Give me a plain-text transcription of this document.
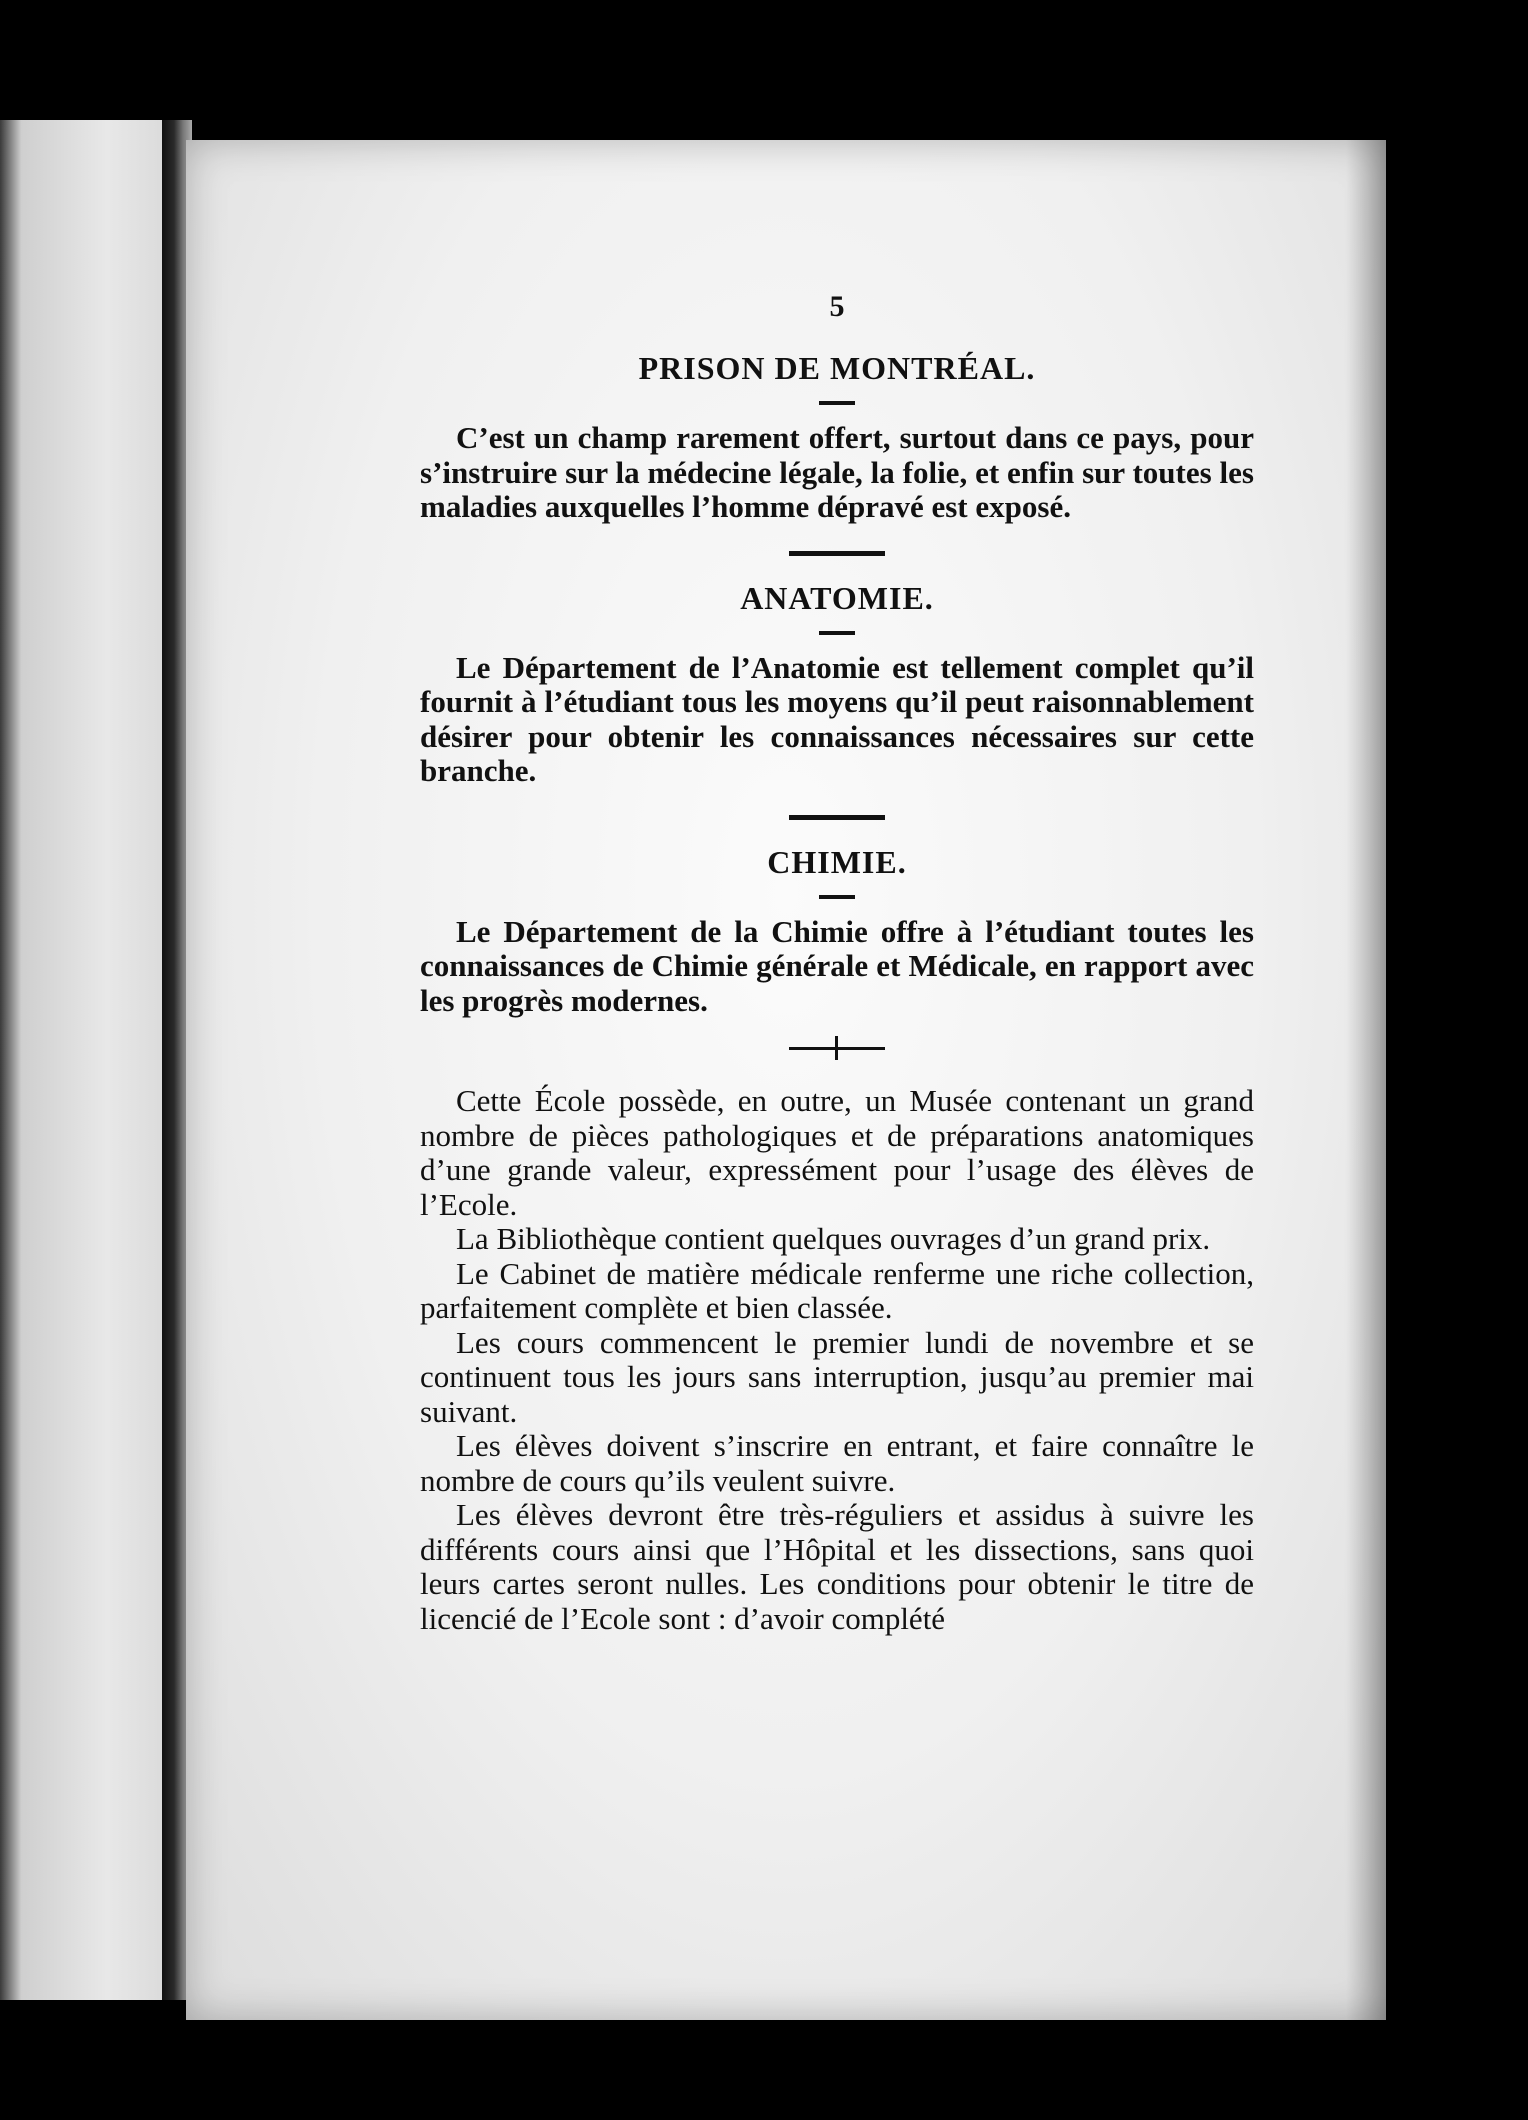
5
PRISON DE MONTRÉAL.

C’est un champ rarement offert, surtout dans ce pays, pour s’instruire sur la médecine légale, la folie, et enfin sur toutes les maladies auxquelles l’homme dépravé est exposé.

ANATOMIE.

Le Département de l’Anatomie est tellement complet qu’il fournit à l’étudiant tous les moyens qu’il peut raisonnablement désirer pour obtenir les connaissances nécessaires sur cette branche.

CHIMIE.

Le Département de la Chimie offre à l’étudiant toutes les connaissances de Chimie générale et Médicale, en rapport avec les progrès modernes.

Cette École possède, en outre, un Musée contenant un grand nombre de pièces pathologiques et de préparations anatomiques d’une grande valeur, expressément pour l’usage des élèves de l’Ecole.

La Bibliothèque contient quelques ouvrages d’un grand prix.

Le Cabinet de matière médicale renferme une riche collection, parfaitement complète et bien classée.

Les cours commencent le premier lundi de novembre et se continuent tous les jours sans interruption, jusqu’au premier mai suivant.

Les élèves doivent s’inscrire en entrant, et faire connaître le nombre de cours qu’ils veulent suivre.

Les élèves devront être très-réguliers et assidus à suivre les différents cours ainsi que l’Hôpital et les dissections, sans quoi leurs cartes seront nulles. Les conditions pour obtenir le titre de licencié de l’Ecole sont : d’avoir complété
